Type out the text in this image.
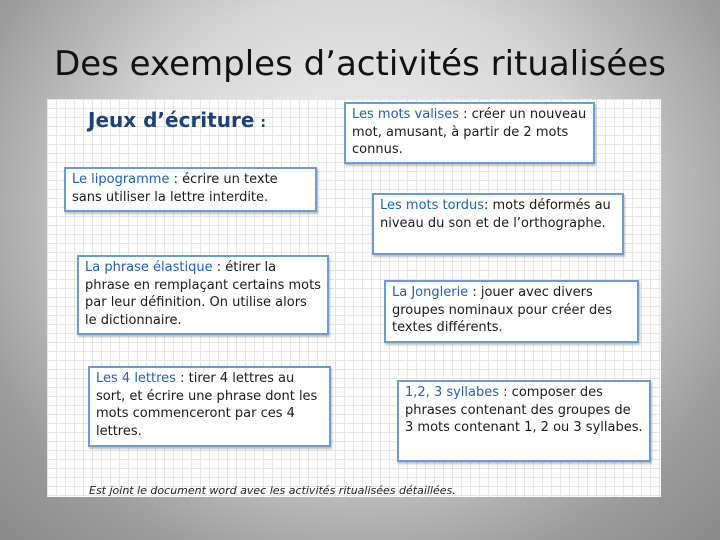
Des exemples d’activités ritualisées
Jeux d’écriture :
Les mots valises : créer un nouveau mot, amusant, à partir de 2 mots connus.
Le lipogramme : écrire un texte sans utiliser la lettre interdite.
Les mots tordus: mots déformés au niveau du son et de l’orthographe.
La phrase élastique : étirer la phrase en remplaçant certains mots par leur définition. On utilise alors le dictionnaire.
La Jonglerie : jouer avec divers groupes nominaux pour créer des textes différents.
Les 4 lettres : tirer 4 lettres au sort, et écrire une phrase dont les mots commenceront par ces 4 lettres.
1,2, 3 syllabes : composer des phrases contenant des groupes de 3 mots contenant 1, 2 ou 3 syllabes.
Est joint le document word avec les activités ritualisées détaillées.
